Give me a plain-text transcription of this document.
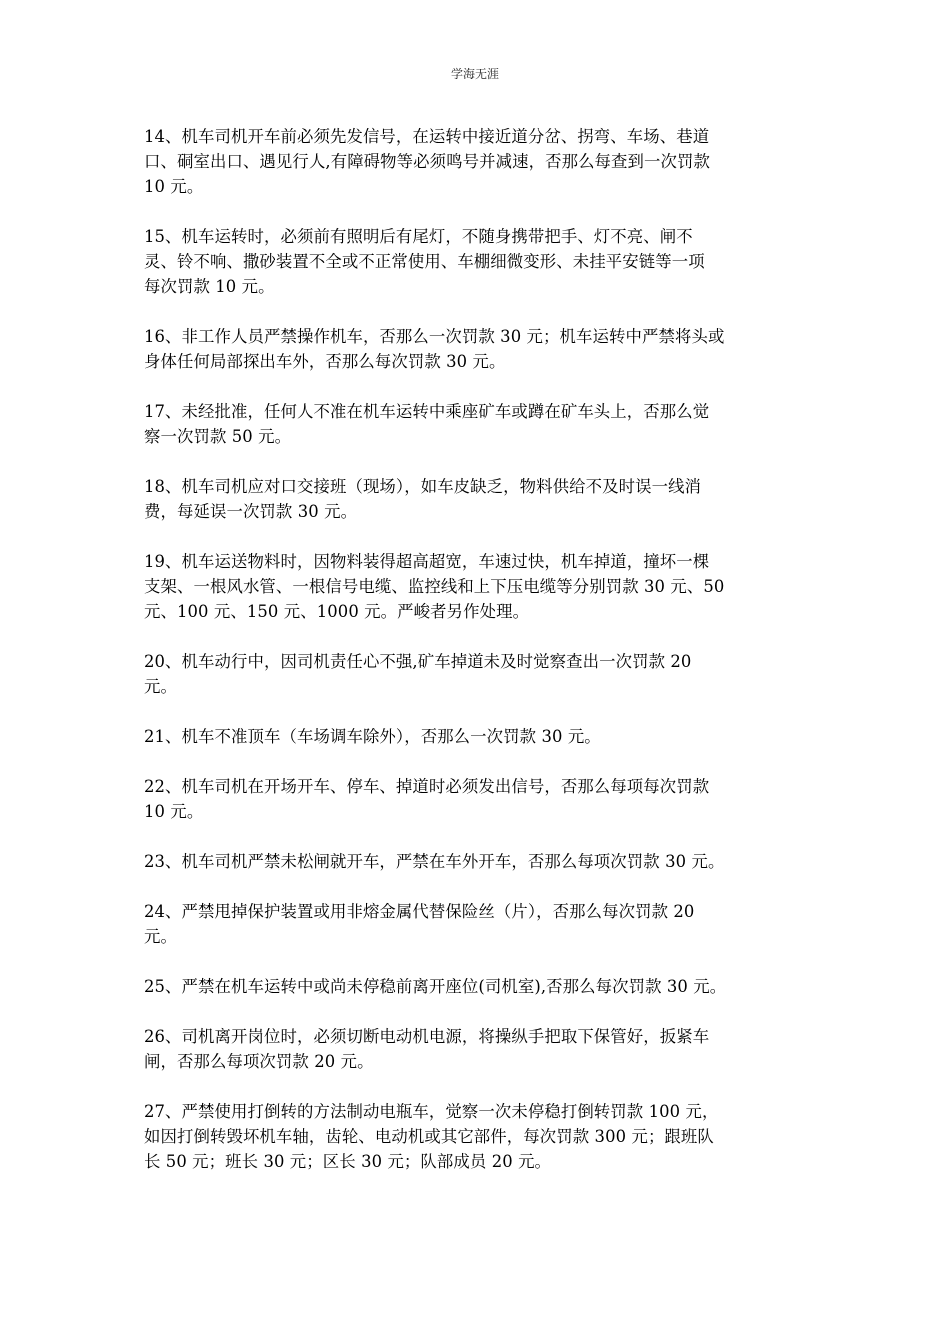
学海无涯

14、机车司机开车前必须先发信号，在运转中接近道分岔、拐弯、车场、巷道
口、硐室出口、遇见行人,有障碍物等必须鸣号并减速，否那么每查到一次罚款
10 元。

15、机车运转时，必须前有照明后有尾灯，不随身携带把手、灯不亮、闸不
灵、铃不响、撒砂装置不全或不正常使用、车棚细微变形、未挂平安链等一项
每次罚款 10 元。

16、非工作人员严禁操作机车，否那么一次罚款 30 元；机车运转中严禁将头或
身体任何局部探出车外，否那么每次罚款 30 元。

17、未经批准，任何人不准在机车运转中乘座矿车或蹲在矿车头上，否那么觉
察一次罚款 50 元。

18、机车司机应对口交接班（现场），如车皮缺乏，物料供给不及时误一线消
费，每延误一次罚款 30 元。

19、机车运送物料时，因物料装得超高超宽，车速过快，机车掉道，撞坏一棵
支架、一根风水管、一根信号电缆、监控线和上下压电缆等分别罚款 30 元、50
元、100 元、150 元、1000 元。严峻者另作处理。

20、机车动行中，因司机责任心不强,矿车掉道未及时觉察查出一次罚款 20
元。

21、机车不准顶车（车场调车除外），否那么一次罚款 30 元。

22、机车司机在开场开车、停车、掉道时必须发出信号，否那么每项每次罚款
10 元。

23、机车司机严禁未松闸就开车，严禁在车外开车，否那么每项次罚款 30 元。

24、严禁甩掉保护装置或用非熔金属代替保险丝（片），否那么每次罚款 20
元。

25、严禁在机车运转中或尚未停稳前离开座位(司机室),否那么每次罚款 30 元。

26、司机离开岗位时，必须切断电动机电源，将操纵手把取下保管好，扳紧车
闸，否那么每项次罚款 20 元。

27、严禁使用打倒转的方法制动电瓶车，觉察一次未停稳打倒转罚款 100 元，
如因打倒转毁坏机车轴，齿轮、电动机或其它部件，每次罚款 300 元；跟班队
长 50 元；班长 30 元；区长 30 元；队部成员 20 元。
